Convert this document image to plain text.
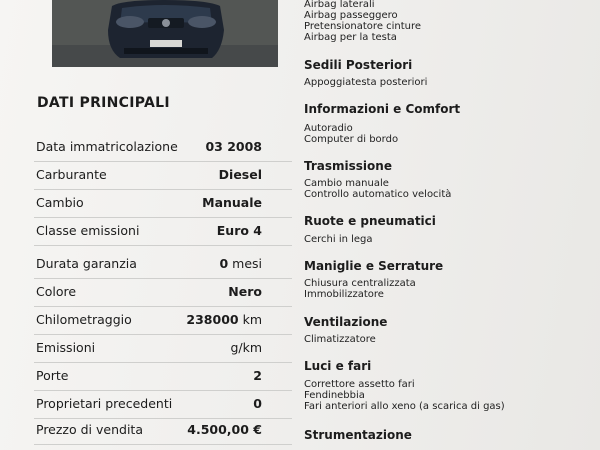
DATI PRINCIPALI
Data immatricolazione 03 2008
Carburante	Diesel
Cambio	Manuale
Classe emissioni	Euro 4
Durata garanzia	0 mesi
Colore	Nero
Chilometraggio	238000 km
Emissioni	g/km
Porte	2
Proprietari precedenti	0
Prezzo di vendita	4.500,00 €
Airbag laterali
Airbag passeggero
Pretensionatore cinture
Airbag per la testa
Sedili Posteriori
Appoggiatesta posteriori
Informazioni e Comfort
Autoradio
Computer di bordo
Trasmissione
Cambio manuale
Controllo automatico velocità
Ruote e pneumatici
Cerchi in lega
Maniglie e Serrature
Chiusura centralizzata
Immobilizzatore
Ventilazione
Climatizzatore
Luci e fari
Correttore assetto fari
Fendinebbia
Fari anteriori allo xeno (a scarica di gas)
Strumentazione
